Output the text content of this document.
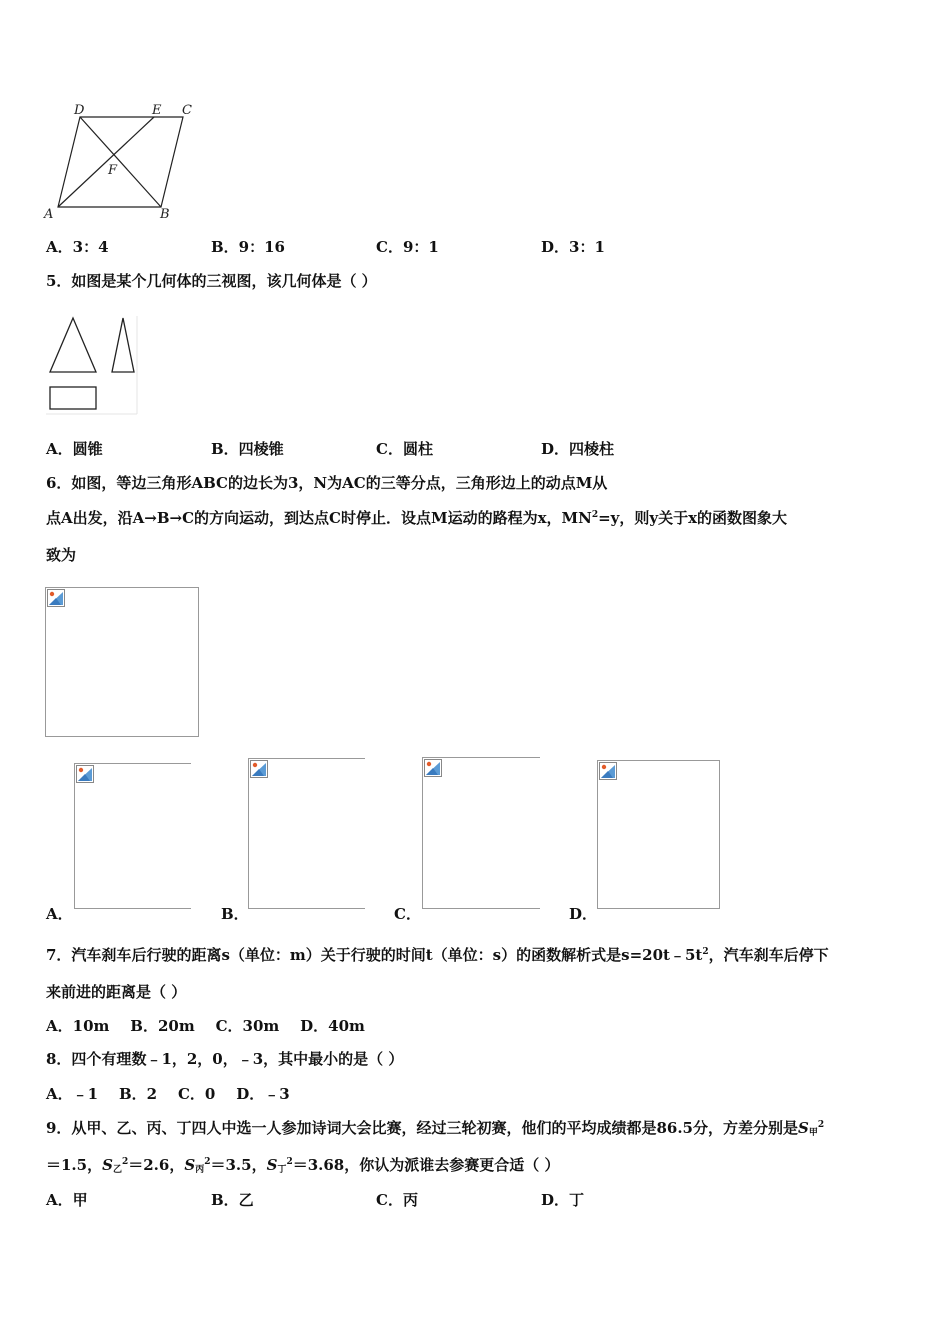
D	E C
F
A	B
A．3：4	B．9：16	C．9：1	D．3：1
5．如图是某个几何体的三视图，该几何体是（ ）
A．圆锥	B．四棱锥	C．圆柱	D．四棱柱
6．如图，等边三角形ABC的边长为3，N为AC的三等分点，三角形边上的动点M从
点A出发，沿A→B→C的方向运动，到达点C时停止．设点M运动的路程为x，$MN^2=y$，则y关于x的函数图象大
致为
A．	B．	C．	D．
7．汽车刹车后行驶的距离s（单位：m）关于行驶的时间t（单位：s）的函数解析式是$s=20t﹣5t^2$，汽车刹车后停下
来前进的距离是（ ）
A．10m    B．20m    C．30m    D．40m
8．四个有理数﹣1，2，0，﹣3，其中最小的是（ ）
A．﹣1    B．2    C．0    D．﹣3
9．从甲、乙、丙、丁四人中选一人参加诗词大会比赛，经过三轮初赛，他们的平均成绩都是86.5分，方差分别是$S_甲^2$
＝1.5，$S_乙^2=2.6$，$S_丙^2=3.5$，$S_丁^2=3.68$，你认为派谁去参赛更合适（ ）
A．甲	B．乙	C．丙	D．丁
